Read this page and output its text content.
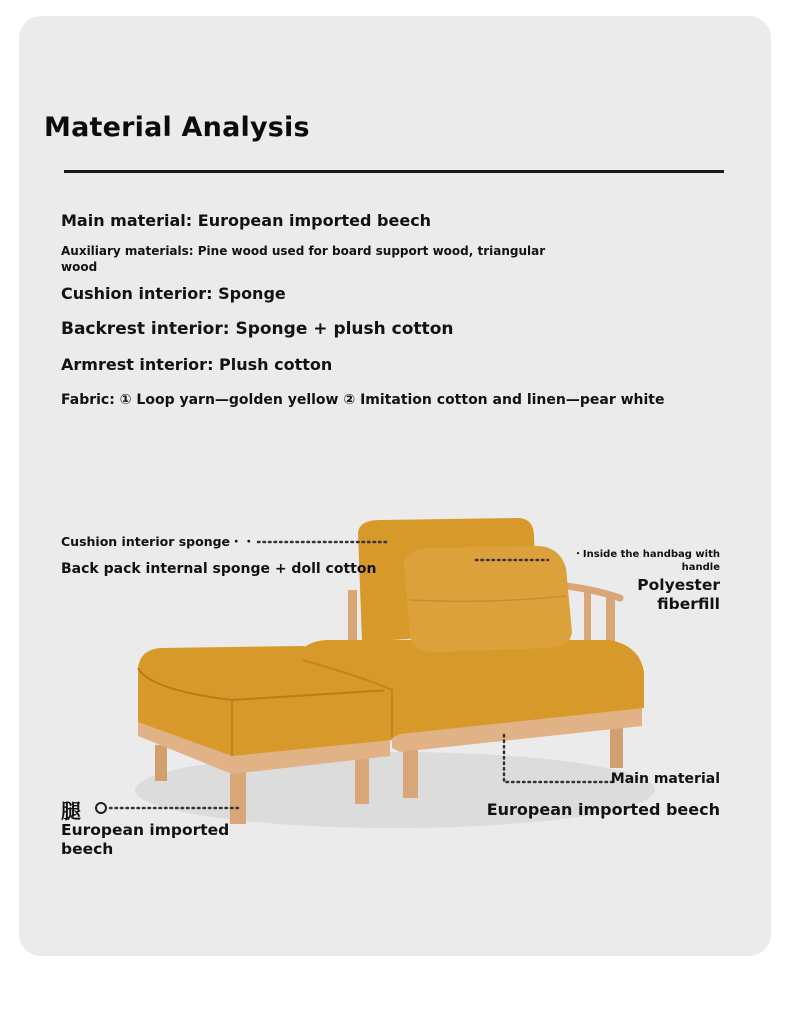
Material Analysis
Main material: European imported beech
Auxiliary materials: Pine wood used for board support wood, triangular wood
Cushion interior: Sponge
Backrest interior: Sponge + plush cotton
Armrest interior: Plush cotton
Fabric: ① Loop yarn—golden yellow ② Imitation cotton and linen—pear white
Cushion interior sponge・・
Back pack internal sponge + doll cotton
・Inside the handbag with handle
Polyester fiberfill
Main material
European imported beech
腿
European imported beech
